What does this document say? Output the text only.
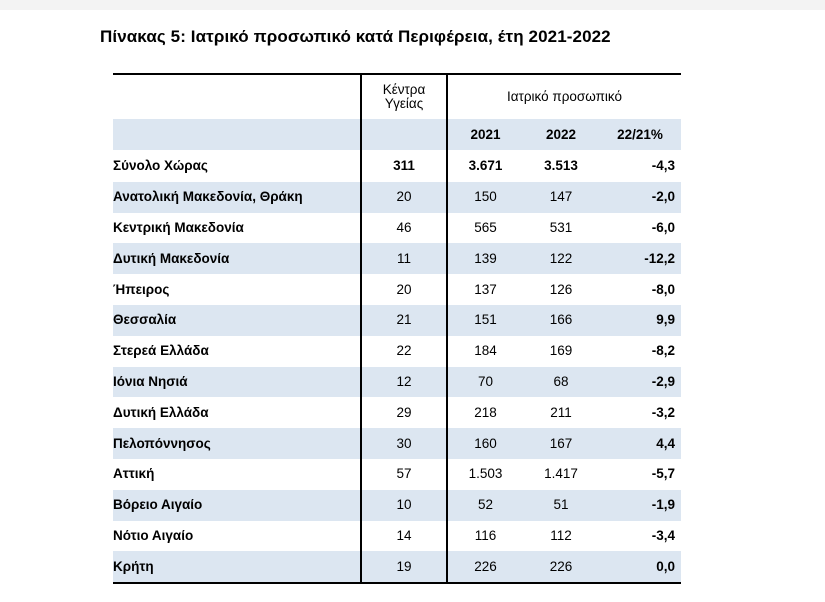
Πίνακας 5: Ιατρικό προσωπικό κατά Περιφέρεια, έτη 2021-2022
	Κέντρα Υγείας	Ιατρικό προσωπικό		
		2021	2022	22/21%
Σύνολο Χώρας	311	3.671	3.513	-4,3
Ανατολική Μακεδονία, Θράκη	20	150	147	-2,0
Κεντρική Μακεδονία	46	565	531	-6,0
Δυτική Μακεδονία	11	139	122	-12,2
Ήπειρος	20	137	126	-8,0
Θεσσαλία	21	151	166	9,9
Στερεά Ελλάδα	22	184	169	-8,2
Ιόνια Νησιά	12	70	68	-2,9
Δυτική Ελλάδα	29	218	211	-3,2
Πελοπόννησος	30	160	167	4,4
Αττική	57	1.503	1.417	-5,7
Βόρειο Αιγαίο	10	52	51	-1,9
Νότιο Αιγαίο	14	116	112	-3,4
Κρήτη	19	226	226	0,0
